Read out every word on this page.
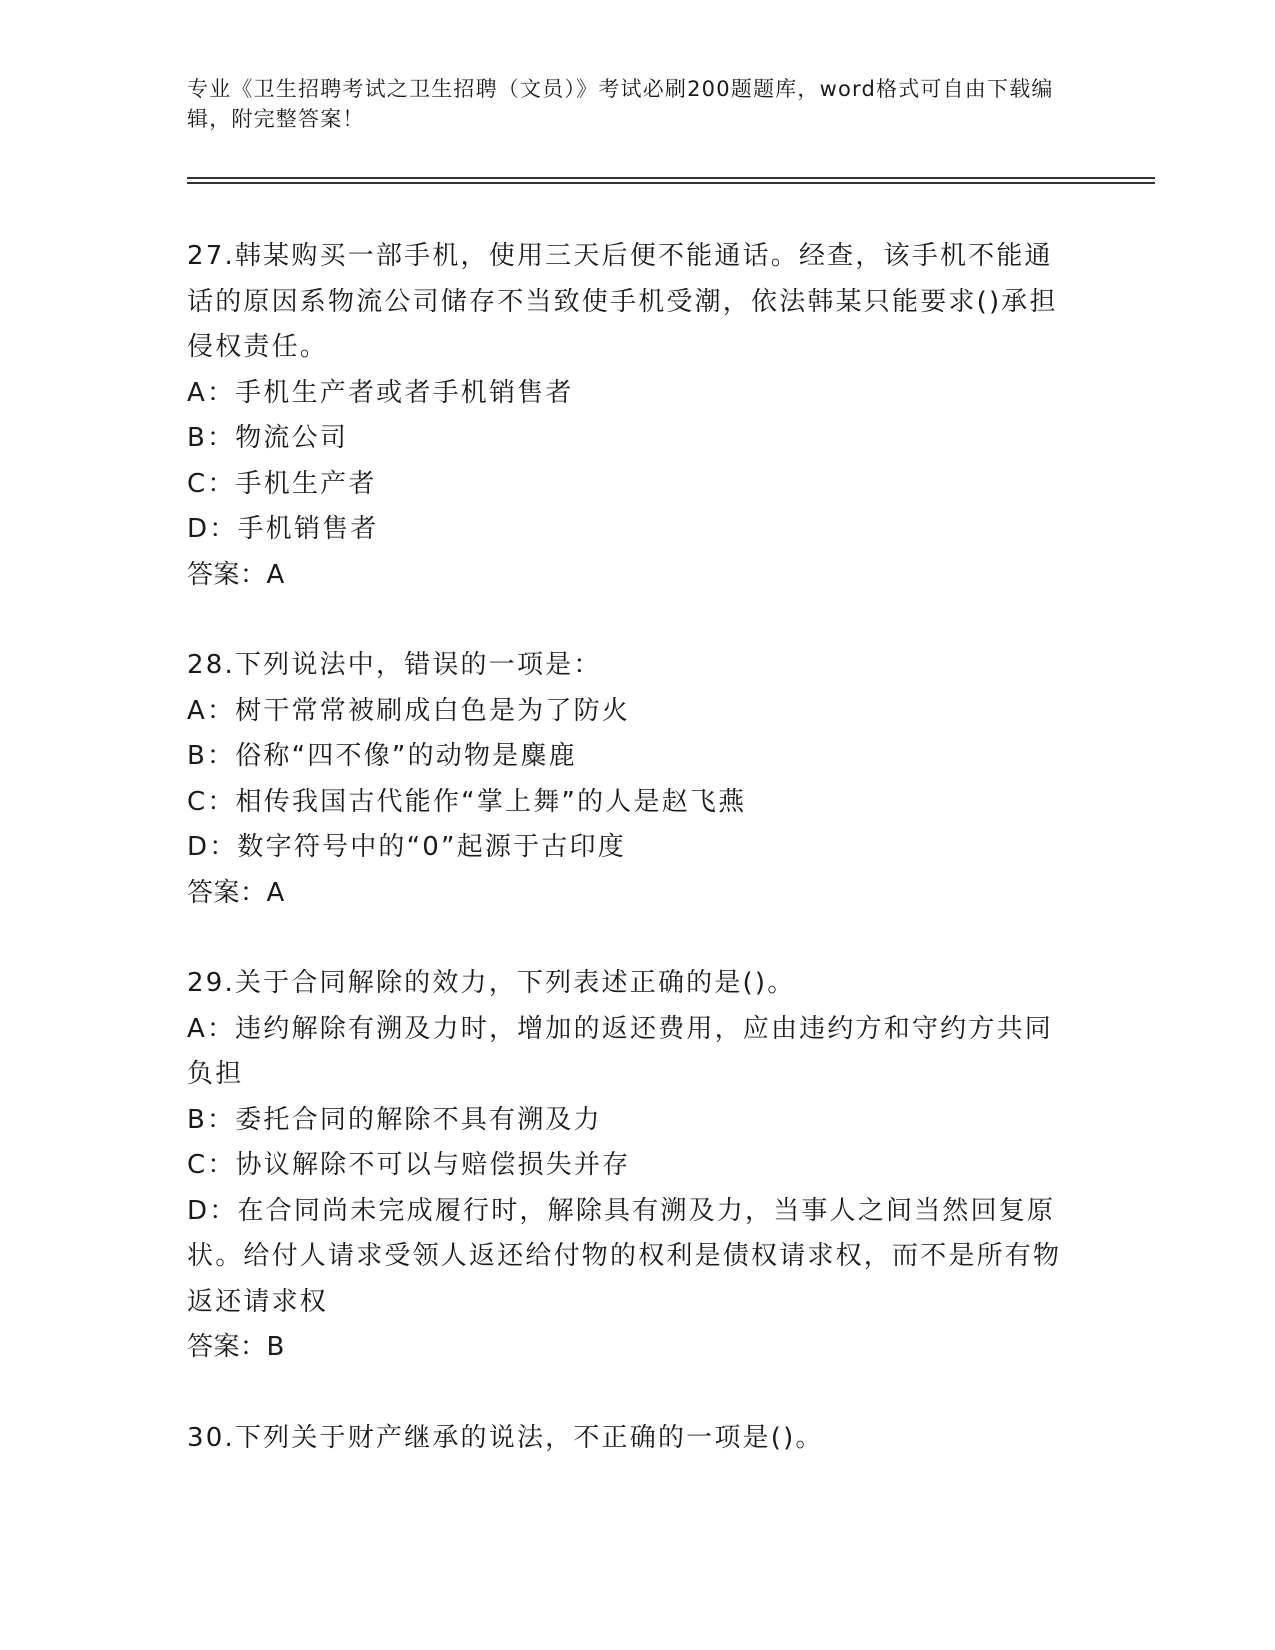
专业《卫生招聘考试之卫生招聘（文员）》考试必刷200题题库，word格式可自由下载编辑，附完整答案！
27.韩某购买一部手机，使用三天后便不能通话。经查，该手机不能通话的原因系物流公司储存不当致使手机受潮，依法韩某只能要求()承担侵权责任。
A：手机生产者或者手机销售者
B：物流公司
C：手机生产者
D：手机销售者
答案：A
28.下列说法中，错误的一项是：
A：树干常常被刷成白色是为了防火
B：俗称“四不像”的动物是麋鹿
C：相传我国古代能作“掌上舞”的人是赵飞燕
D：数字符号中的“0”起源于古印度
答案：A
29.关于合同解除的效力，下列表述正确的是()。
A：违约解除有溯及力时，增加的返还费用，应由违约方和守约方共同负担
B：委托合同的解除不具有溯及力
C：协议解除不可以与赔偿损失并存
D：在合同尚未完成履行时，解除具有溯及力，当事人之间当然回复原状。给付人请求受领人返还给付物的权利是债权请求权，而不是所有物返还请求权
答案：B
30.下列关于财产继承的说法，不正确的一项是()。
